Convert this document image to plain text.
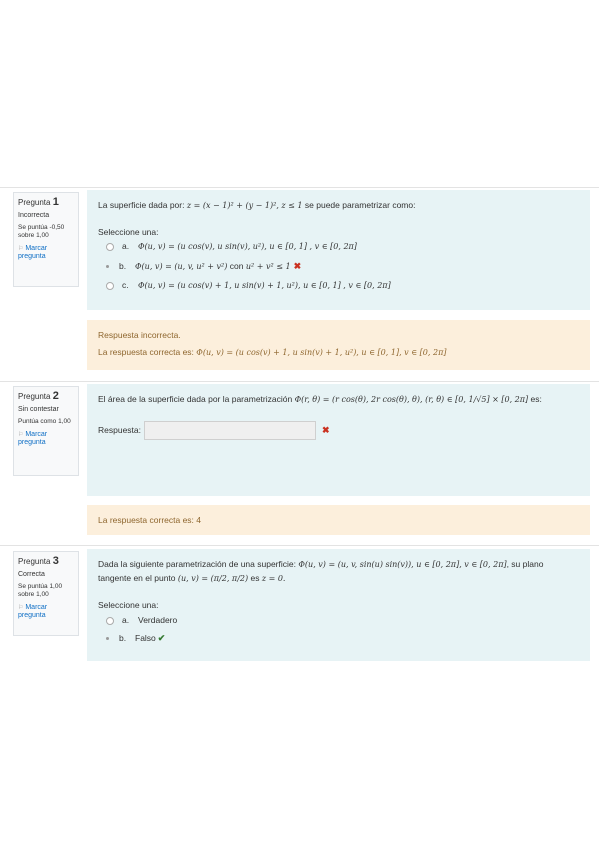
Pregunta 1
Incorrecta
Se puntúa -0,50 sobre 1,00
⚐ Marcar pregunta
La superficie dada por: z = (x − 1)² + (y − 1)², z ≤ 1 se puede parametrizar como:
Seleccione una:
a. Φ(u, v) = (u cos(v), u sin(v), u²), u ∈ [0, 1] , v ∈ [0, 2π]
b. Φ(u, v) = (u, v, u² + v²) con u² + v² ≤ 1 ✖
c. Φ(u, v) = (u cos(v) + 1, u sin(v) + 1, u²), u ∈ [0, 1] , v ∈ [0, 2π]
Respuesta incorrecta.
La respuesta correcta es: Φ(u, v) = (u cos(v) + 1, u sin(v) + 1, u²), u ∈ [0, 1], v ∈ [0, 2π]
Pregunta 2
Sin contestar
Puntúa como 1,00
⚐ Marcar pregunta
El área de la superficie dada por la parametrización Φ(r, θ) = (r cos(θ), 2r cos(θ), θ), (r, θ) ∈ [0, 1/√5] × [0, 2π] es:
Respuesta:	✖
La respuesta correcta es: 4
Pregunta 3
Correcta
Se puntúa 1,00 sobre 1,00
⚐ Marcar pregunta
Dada la siguiente parametrización de una superficie: Φ(u, v) = (u, v, sin(u) sin(v)), u ∈ [0, 2π], v ∈ [0, 2π], su plano
tangente en el punto (u, v) = (π/2, π/2) es z = 0.
Seleccione una:
a. Verdadero
b. Falso ✔
